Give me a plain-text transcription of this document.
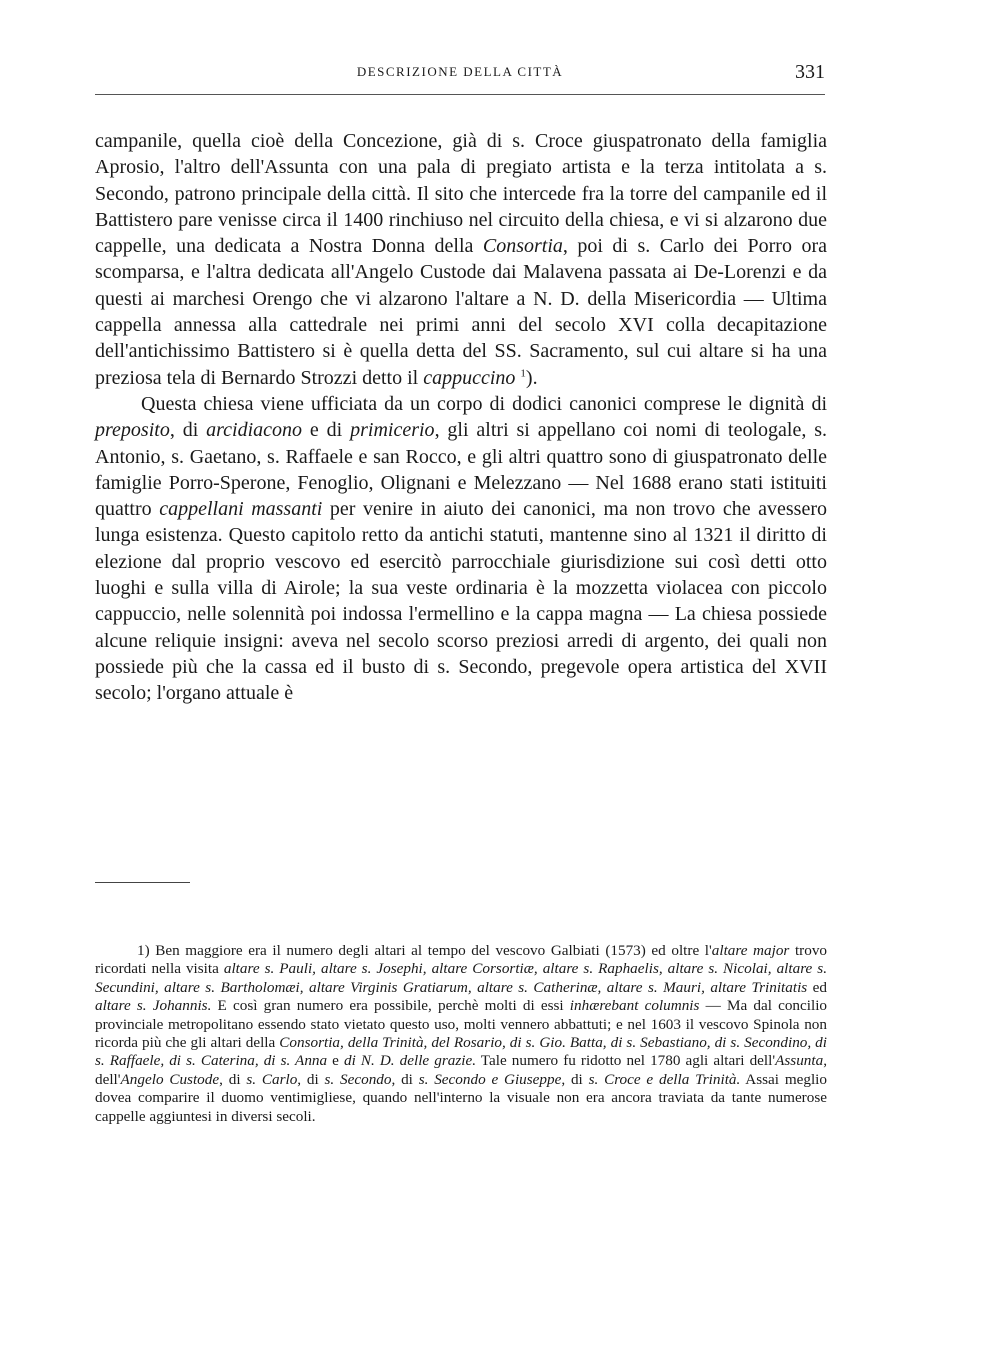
DESCRIZIONE DELLA CITTÀ	331

campanile, quella cioè della Concezione, già di s. Croce giuspatronato della famiglia Aprosio, l'altro dell'Assunta con una pala di pregiato artista e la terza intitolata a s. Secondo, patrono principale della città. Il sito che intercede fra la torre del campanile ed il Battistero pare venisse circa il 1400 rinchiuso nel circuito della chiesa, e vi si alzarono due cappelle, una dedicata a Nostra Donna della Consortia, poi di s. Carlo dei Porro ora scomparsa, e l'altra dedicata all'Angelo Custode dai Malavena passata ai De-Lorenzi e da questi ai marchesi Orengo che vi alzarono l'altare a N. D. della Misericordia — Ultima cappella annessa alla cattedrale nei primi anni del secolo XVI colla decapitazione dell'antichissimo Battistero si è quella detta del SS. Sacramento, sul cui altare si ha una preziosa tela di Bernardo Strozzi detto il cappuccino $^1$).

Questa chiesa viene ufficiata da un corpo di dodici canonici comprese le dignità di preposito, di arcidiacono e di primicerio, gli altri si appellano coi nomi di teologale, s. Antonio, s. Gaetano, s. Raffaele e san Rocco, e gli altri quattro sono di giuspatronato delle famiglie Porro-Sperone, Fenoglio, Olignani e Melezzano — Nel 1688 erano stati istituiti quattro cappellani massanti per venire in aiuto dei canonici, ma non trovo che avessero lunga esistenza. Questo capitolo retto da antichi statuti, mantenne sino al 1321 il diritto di elezione dal proprio vescovo ed esercitò parrocchiale giurisdizione sui così detti otto luoghi e sulla villa di Airole; la sua veste ordinaria è la mozzetta violacea con piccolo cappuccio, nelle solennità poi indossa l'ermellino e la cappa magna — La chiesa possiede alcune reliquie insigni: aveva nel secolo scorso preziosi arredi di argento, dei quali non possiede più che la cassa ed il busto di s. Secondo, pregevole opera artistica del XVII secolo; l'organo attuale è

1) Ben maggiore era il numero degli altari al tempo del vescovo Galbiati (1573) ed oltre l'altare major trovo ricordati nella visita altare s. Pauli, altare s. Josephi, altare Corsortiæ, altare s. Raphaelis, altare s. Nicolai, altare s. Secundini, altare s. Bartholomæi, altare Virginis Gratiarum, altare s. Catherinæ, altare s. Mauri, altare Trinitatis ed altare s. Johannis. E così gran numero era possibile, perchè molti di essi inhærebant columnis — Ma dal concilio provinciale metropolitano essendo stato vietato questo uso, molti vennero abbattuti; e nel 1603 il vescovo Spinola non ricorda più che gli altari della Consortia, della Trinità, del Rosario, di s. Gio. Batta, di s. Sebastiano, di s. Secondino, di s. Raffaele, di s. Caterina, di s. Anna e di N. D. delle grazie. Tale numero fu ridotto nel 1780 agli altari dell'Assunta, dell'Angelo Custode, di s. Carlo, di s. Secondo, di s. Secondo e Giuseppe, di s. Croce e della Trinità. Assai meglio dovea comparire il duomo ventimigliese, quando nell'interno la visuale non era ancora traviata da tante numerose cappelle aggiuntesi in diversi secoli.
